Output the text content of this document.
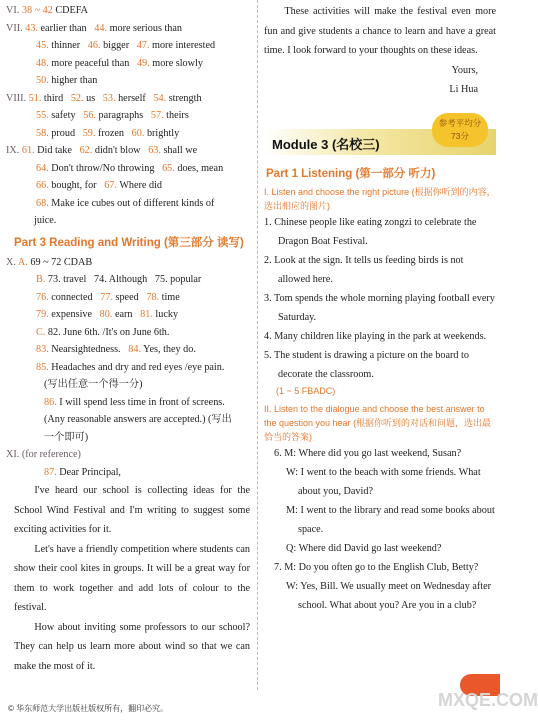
VI. 38 ~ 42 CDEFA
VII. 43. earlier than 44. more serious than
45. thinner 46. bigger 47. more interested
48. more peaceful than 49. more slowly
50. higher than
VIII. 51. third 52. us 53. herself 54. strength
55. safety 56. paragraphs 57. theirs
58. proud 59. frozen 60. brightly
IX. 61. Did take 62. didn't blow 63. shall we
64. Don't throw/No throwing 65. does, mean
66. bought, for 67. Where did
68. Make ice cubes out of different kinds of
juice.
Part 3 Reading and Writing (第三部分 读写)
X. A. 69 ~ 72 CDAB
B. 73. travel 74. Although 75. popular
76. connected 77. speed 78. time
79. expensive 80. earn 81. lucky
C. 82. June 6th. /It's on June 6th.
83. Nearsightedness. 84. Yes, they do.
85. Headaches and dry and red eyes /eye pain.
(写出任意一个得一分)
86. I will spend less time in front of screens.
(Any reasonable answers are accepted.) (写出
一个即可)
XI. (for reference)
87. Dear Principal,

I've heard our school is collecting ideas for the School Wind Festival and I'm writing to suggest some exciting activities for it.

Let's have a friendly competition where students can show their cool kites in groups. It will be a great way for them to work together and add lots of colour to the festival.

How about inviting some professors to our school? They can help us learn more about wind so that we can make the most of it.

These activities will make the festival even more fun and give students a chance to learn and have a great time. I look forward to your thoughts on these ideas.

Yours,
Li Hua
Module 3 (名校三)
参考平均分
73分
Part 1 Listening (第一部分 听力)
I. Listen and choose the right picture (根据你听到的内容，选出相应的图片)
1. Chinese people like eating zongzi to celebrate the Dragon Boat Festival.
2. Look at the sign. It tells us feeding birds is not allowed here.
3. Tom spends the whole morning playing football every Saturday.
4. Many children like playing in the park at weekends.
5. The student is drawing a picture on the board to decorate the classroom.
(1 ~ 5 FBADC)
II. Listen to the dialogue and choose the best answer to the question you hear (根据你听到的对话和问题，选出最恰当的答案)
6. M: Where did you go last weekend, Susan?
W: I went to the beach with some friends. What about you, David?
M: I went to the library and read some books about space.
Q: Where did David go last weekend?
7. M: Do you often go to the English Club, Betty?
W: Yes, Bill. We usually meet on Wednesday after school. What about you? Are you in a club?
© 华东师范大学出版社版权所有，翻印必究。	MXQE.COM
